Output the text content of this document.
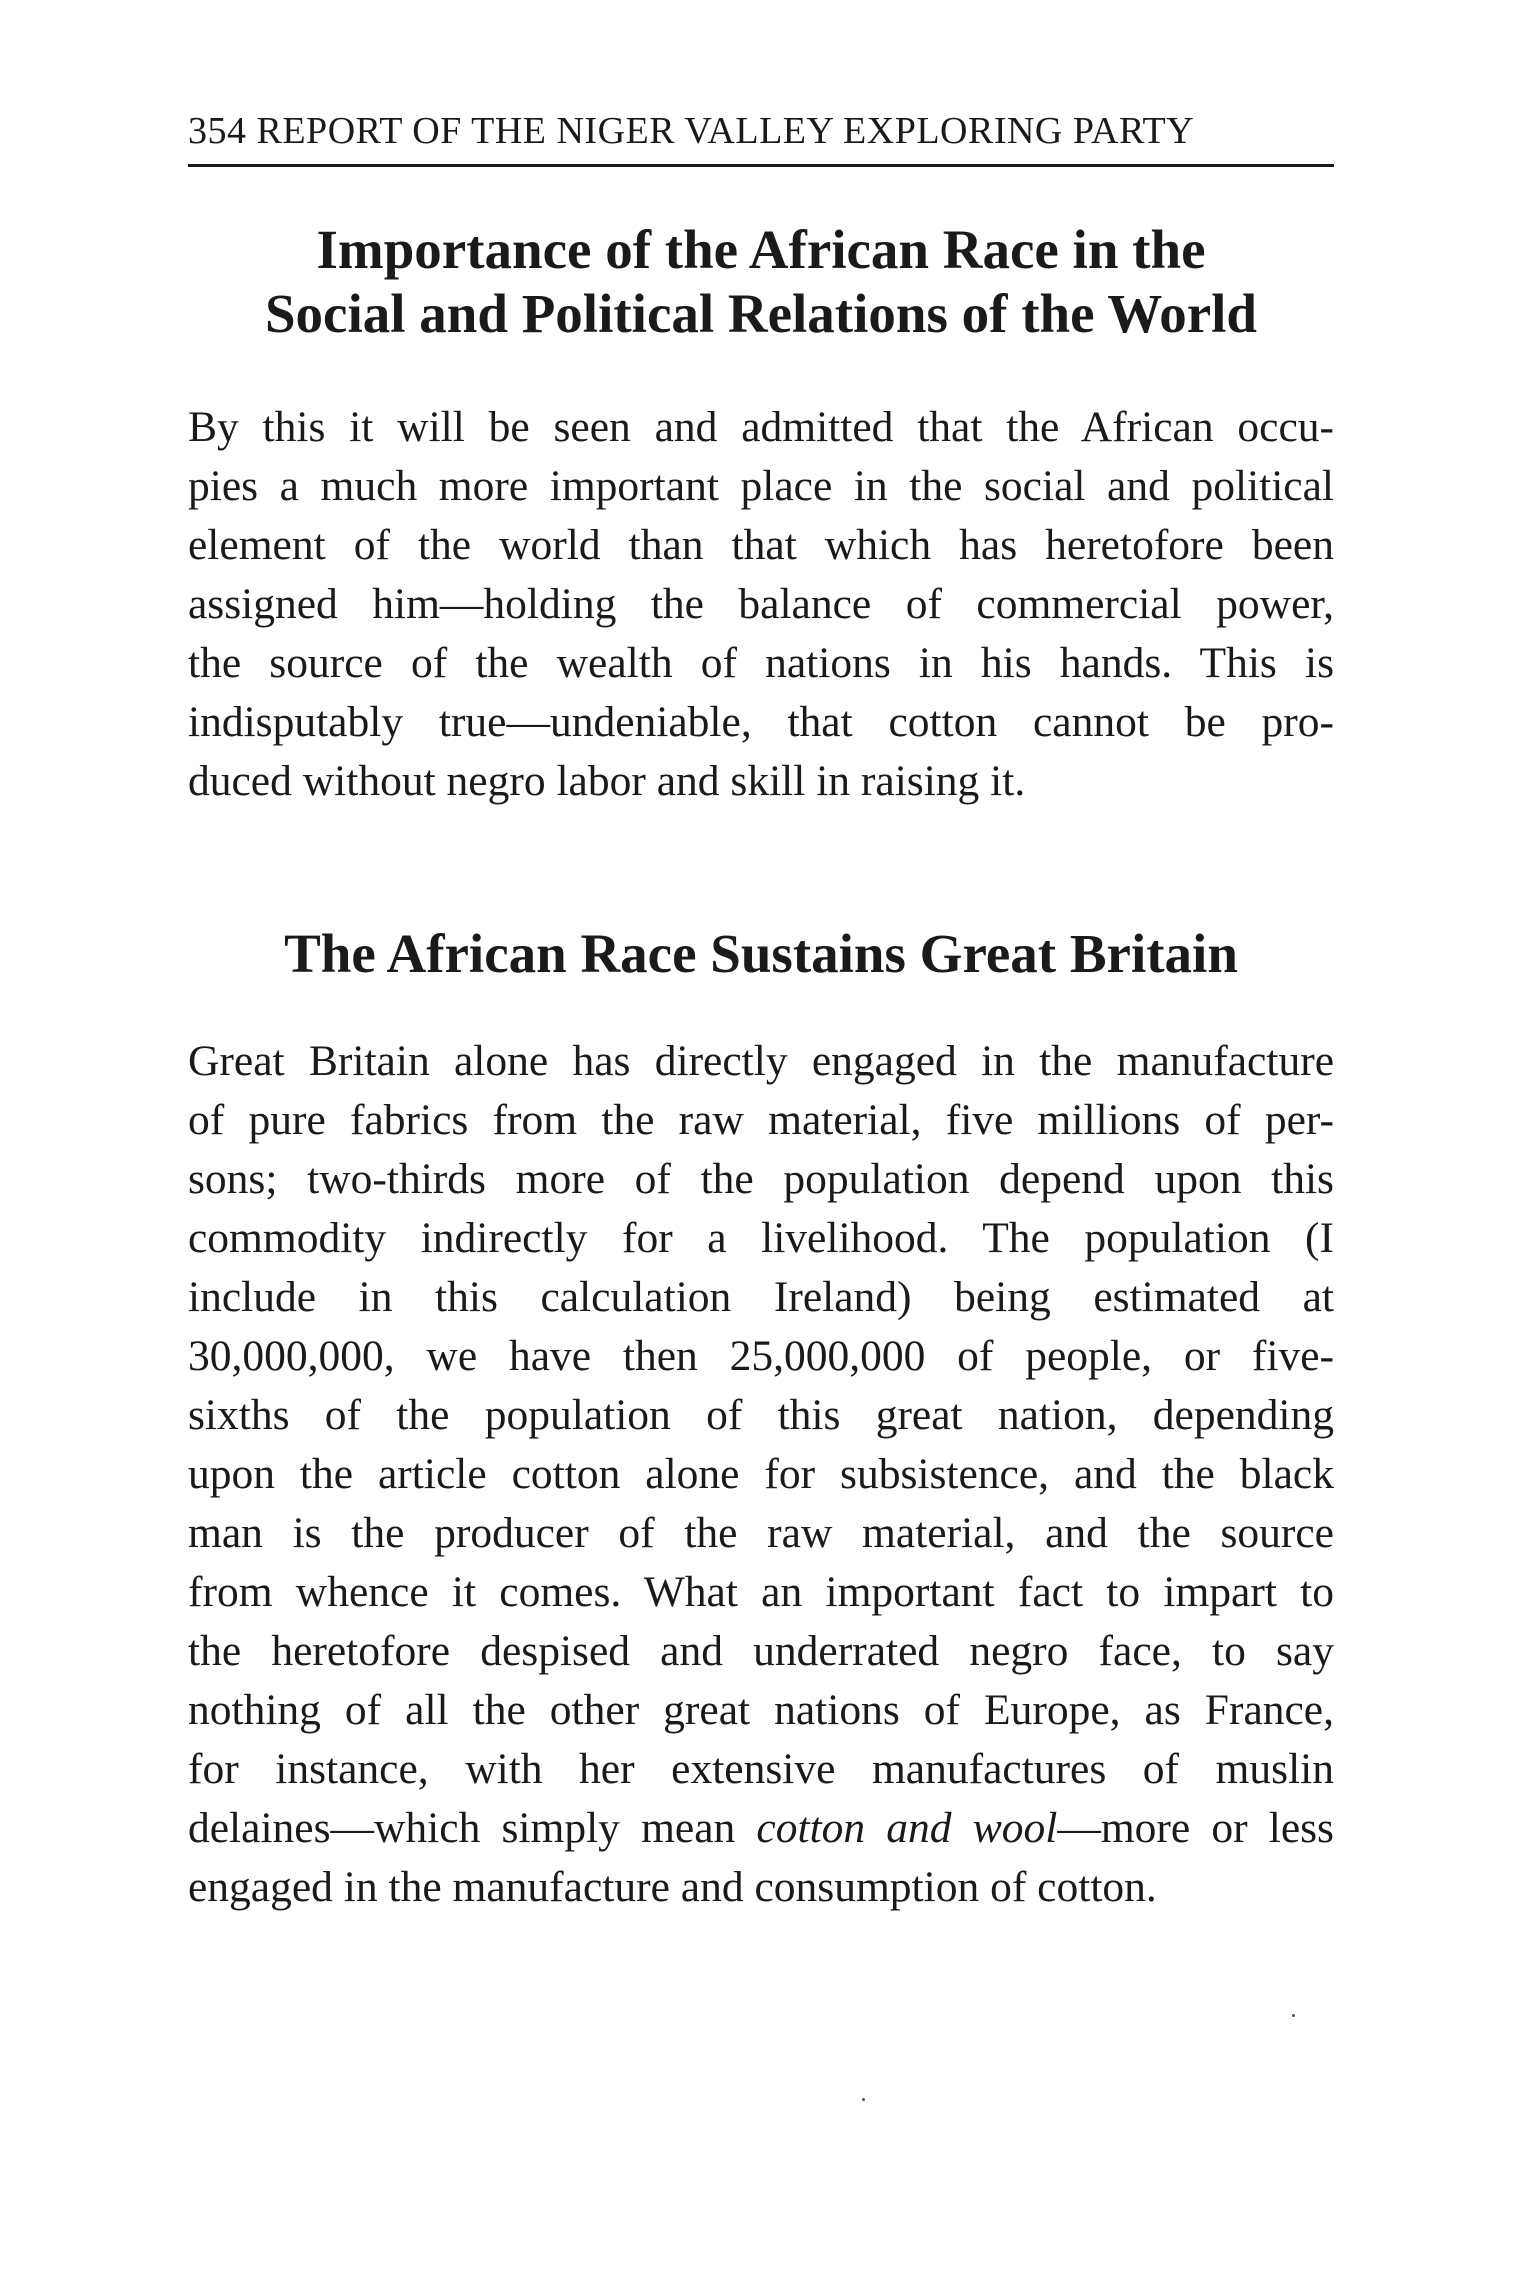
354 REPORT OF THE NIGER VALLEY EXPLORING PARTY
Importance of the African Race in the
Social and Political Relations of the World

By this it will be seen and admitted that the African occu-
pies a much more important place in the social and political
element of the world than that which has heretofore been
assigned him—holding the balance of commercial power,
the source of the wealth of nations in his hands. This is
indisputably true—undeniable, that cotton cannot be pro-
duced without negro labor and skill in raising it.

The African Race Sustains Great Britain

Great Britain alone has directly engaged in the manufacture
of pure fabrics from the raw material, five millions of per-
sons; two-thirds more of the population depend upon this
commodity indirectly for a livelihood. The population (I
include in this calculation Ireland) being estimated at
30,000,000, we have then 25,000,000 of people, or five-
sixths of the population of this great nation, depending
upon the article cotton alone for subsistence, and the black
man is the producer of the raw material, and the source
from whence it comes. What an important fact to impart to
the heretofore despised and underrated negro face, to say
nothing of all the other great nations of Europe, as France,
for instance, with her extensive manufactures of muslin
delaines—which simply mean cotton and wool—more or less
engaged in the manufacture and consumption of cotton.
